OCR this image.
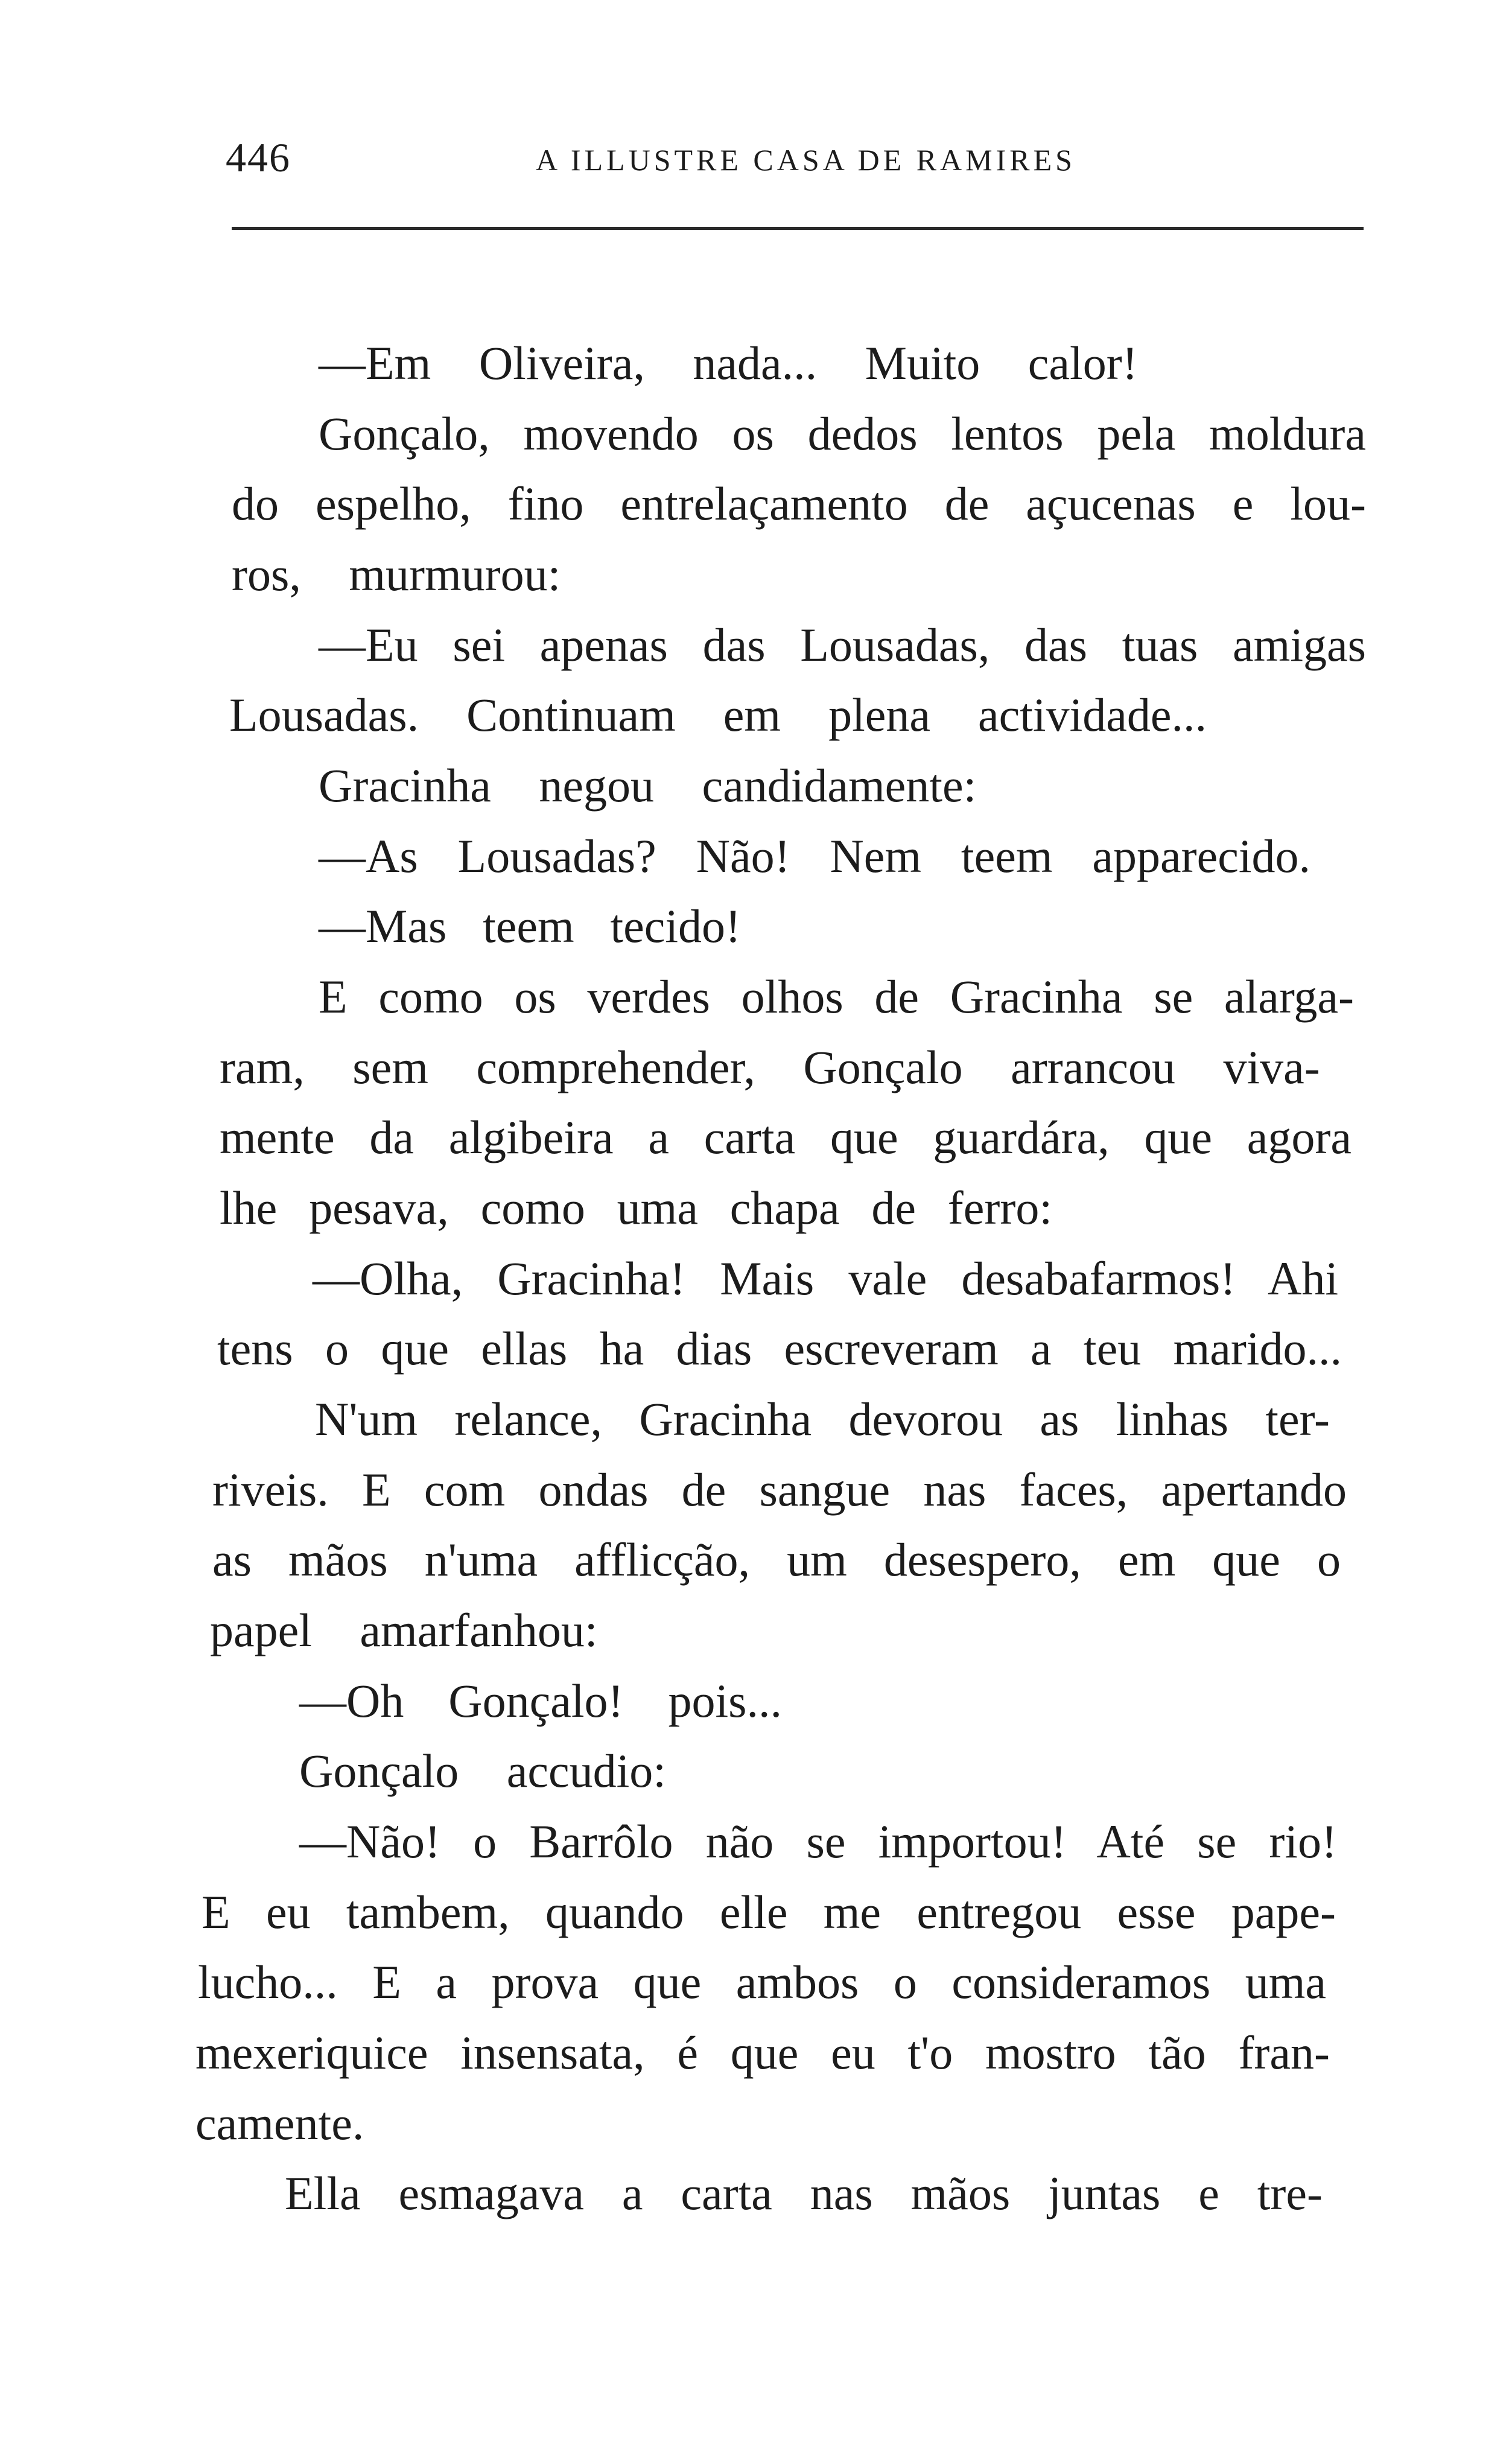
446	A ILLUSTRE CASA DE RAMIRES
—Em Oliveira, nada... Muito calor!
Gonçalo, movendo os dedos lentos pela moldura
do espelho, fino entrelaçamento de açucenas e lou-
ros, murmurou:
—Eu sei apenas das Lousadas, das tuas amigas
Lousadas. Continuam em plena actividade...
Gracinha negou candidamente:
—As Lousadas? Não! Nem teem apparecido.
—Mas teem tecido!
E como os verdes olhos de Gracinha se alarga-
ram, sem comprehender, Gonçalo arrancou viva-
mente da algibeira a carta que guardára, que agora
lhe pesava, como uma chapa de ferro:
—Olha, Gracinha! Mais vale desabafarmos! Ahi
tens o que ellas ha dias escreveram a teu marido...
N'um relance, Gracinha devorou as linhas ter-
riveis. E com ondas de sangue nas faces, apertando
as mãos n'uma afflicção, um desespero, em que o
papel amarfanhou:
—Oh Gonçalo! pois...
Gonçalo accudio:
—Não! o Barrôlo não se importou! Até se rio!
E eu tambem, quando elle me entregou esse pape-
lucho... E a prova que ambos o consideramos uma
mexeriquice insensata, é que eu t'o mostro tão fran-
camente.
Ella esmagava a carta nas mãos juntas e tre-
